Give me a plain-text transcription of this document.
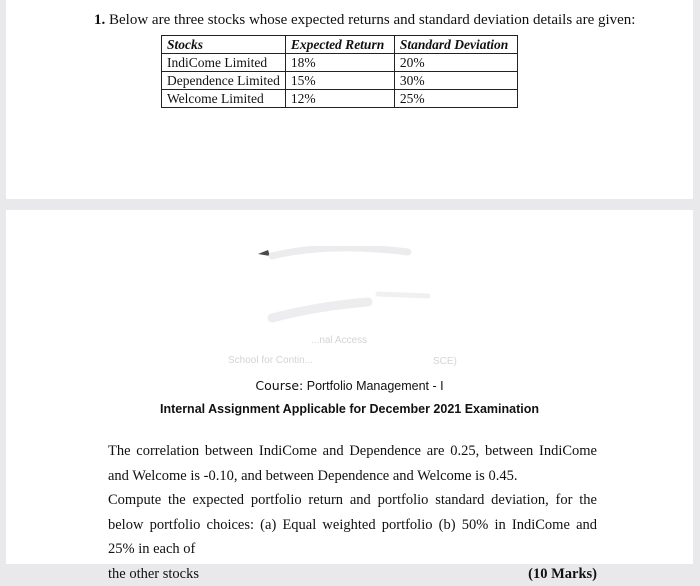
1. Below are three stocks whose expected returns and standard deviation details are given:
Stocks	Expected Return	Standard Deviation
IndiCome Limited	18%	20%
Dependence Limited	15%	30%
Welcome Limited	12%	25%
...nal Access
School for Contin...	SCE)
Course: Portfolio Management - I
Internal Assignment Applicable for December 2021 Examination

The correlation between IndiCome and Dependence are 0.25, between IndiCome and Welcome is -0.10, and between Dependence and Welcome is 0.45.

Compute the expected portfolio return and portfolio standard deviation, for the below portfolio choices: (a) Equal weighted portfolio (b) 50% in IndiCome and 25% in each of

the other stocks	(10 Marks)
